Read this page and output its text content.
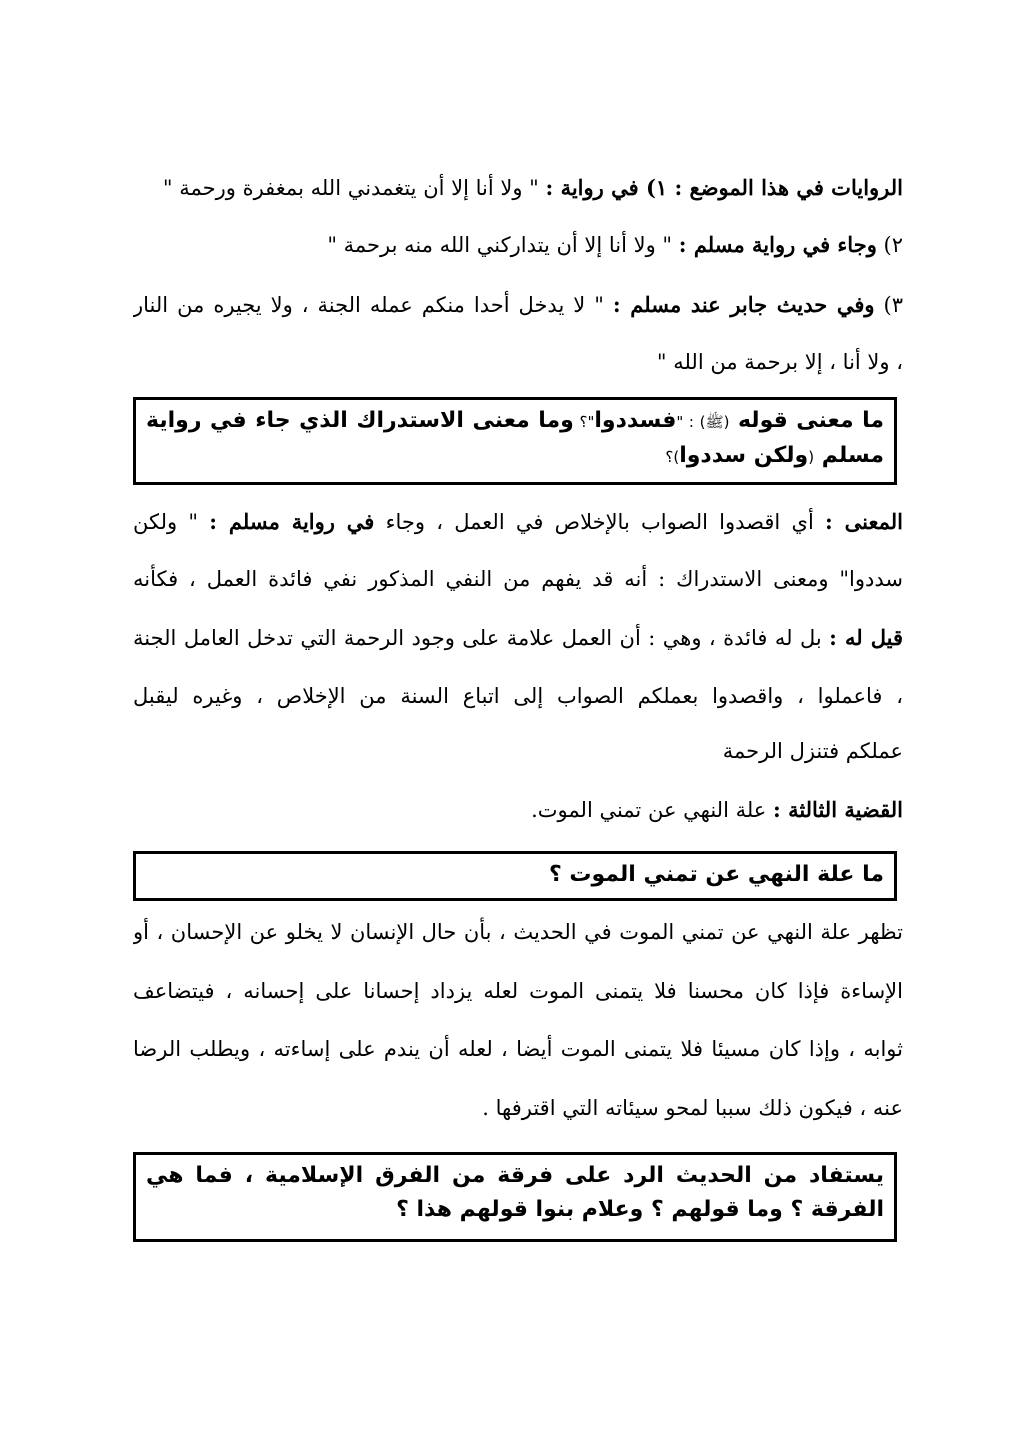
الروايات في هذا الموضع : ١) في رواية : " ولا أنا إلا أن يتغمدني الله بمغفرة ورحمة "
٢) وجاء في رواية مسلم : " ولا أنا إلا أن يتداركني الله منه برحمة "
٣) وفي حديث جابر عند مسلم : " لا يدخل أحدا منكم عمله الجنة ، ولا يجيره من النار
، ولا أنا ، إلا برحمة من الله "
ما معنى قوله (ﷺ) : "فسددوا"؟ وما معنى الاستدراك الذي جاء في رواية
مسلم (ولكن سددوا)؟
المعنى : أي اقصدوا الصواب بالإخلاص في العمل ، وجاء في رواية مسلم : " ولكن
سددوا" ومعنى الاستدراك : أنه قد يفهم من النفي المذكور نفي فائدة العمل ، فكأنه
قيل له : بل له فائدة ، وهي : أن العمل علامة على وجود الرحمة التي تدخل العامل الجنة
، فاعملوا ، واقصدوا بعملكم الصواب إلى اتباع السنة من الإخلاص ، وغيره ليقبل
عملكم فتنزل الرحمة
القضية الثالثة : علة النهي عن تمني الموت.
ما علة النهي عن تمني الموت ؟
تظهر علة النهي عن تمني الموت في الحديث ، بأن حال الإنسان لا يخلو عن الإحسان ، أو
الإساءة فإذا كان محسنا فلا يتمنى الموت لعله يزداد إحسانا على إحسانه ، فيتضاعف
ثوابه ، وإذا كان مسيئا فلا يتمنى الموت أيضا ، لعله أن يندم على إساءته ، ويطلب الرضا
عنه ، فيكون ذلك سببا لمحو سيئاته التي اقترفها .
يستفاد من الحديث الرد على فرقة من الفرق الإسلامية ، فما هي
الفرقة ؟ وما قولهم ؟ وعلام بنوا قولهم هذا ؟
